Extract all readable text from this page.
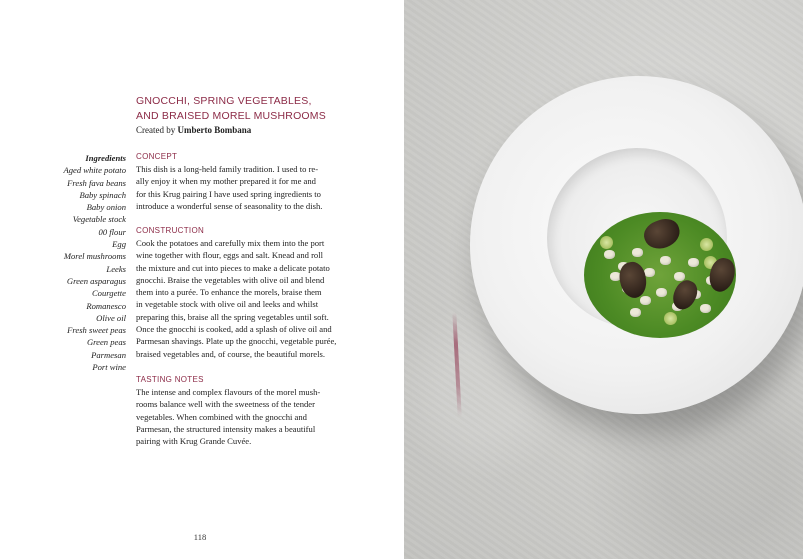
GNOCCHI, SPRING VEGETABLES,
AND BRAISED MOREL MUSHROOMS
Created by Umberto Bombana
Ingredients
Aged white potato
Fresh fava beans
Baby spinach
Baby onion
Vegetable stock
00 flour
Egg
Morel mushrooms
Leeks
Green asparagus
Courgette
Romanesco
Olive oil
Fresh sweet peas
Green peas
Parmesan
Port wine
CONCEPT
This dish is a long-held family tradition. I used to re-
ally enjoy it when my mother prepared it for me and
for this Krug pairing I have used spring ingredients to
introduce a wonderful sense of seasonality to the dish.
CONSTRUCTION
Cook the potatoes and carefully mix them into the port
wine together with flour, eggs and salt. Knead and roll
the mixture and cut into pieces to make a delicate potato
gnocchi. Braise the vegetables with olive oil and blend
them into a purée. To enhance the morels, braise them
in vegetable stock with olive oil and leeks and whilst
preparing this, braise all the spring vegetables until soft.
Once the gnocchi is cooked, add a splash of olive oil and
Parmesan shavings. Plate up the gnocchi, vegetable purée,
braised vegetables and, of course, the beautiful morels.
TASTING NOTES
The intense and complex flavours of the morel mush-
rooms balance well with the sweetness of the tender
vegetables. When combined with the gnocchi and
Parmesan, the structured intensity makes a beautiful
pairing with Krug Grande Cuvée.
118
